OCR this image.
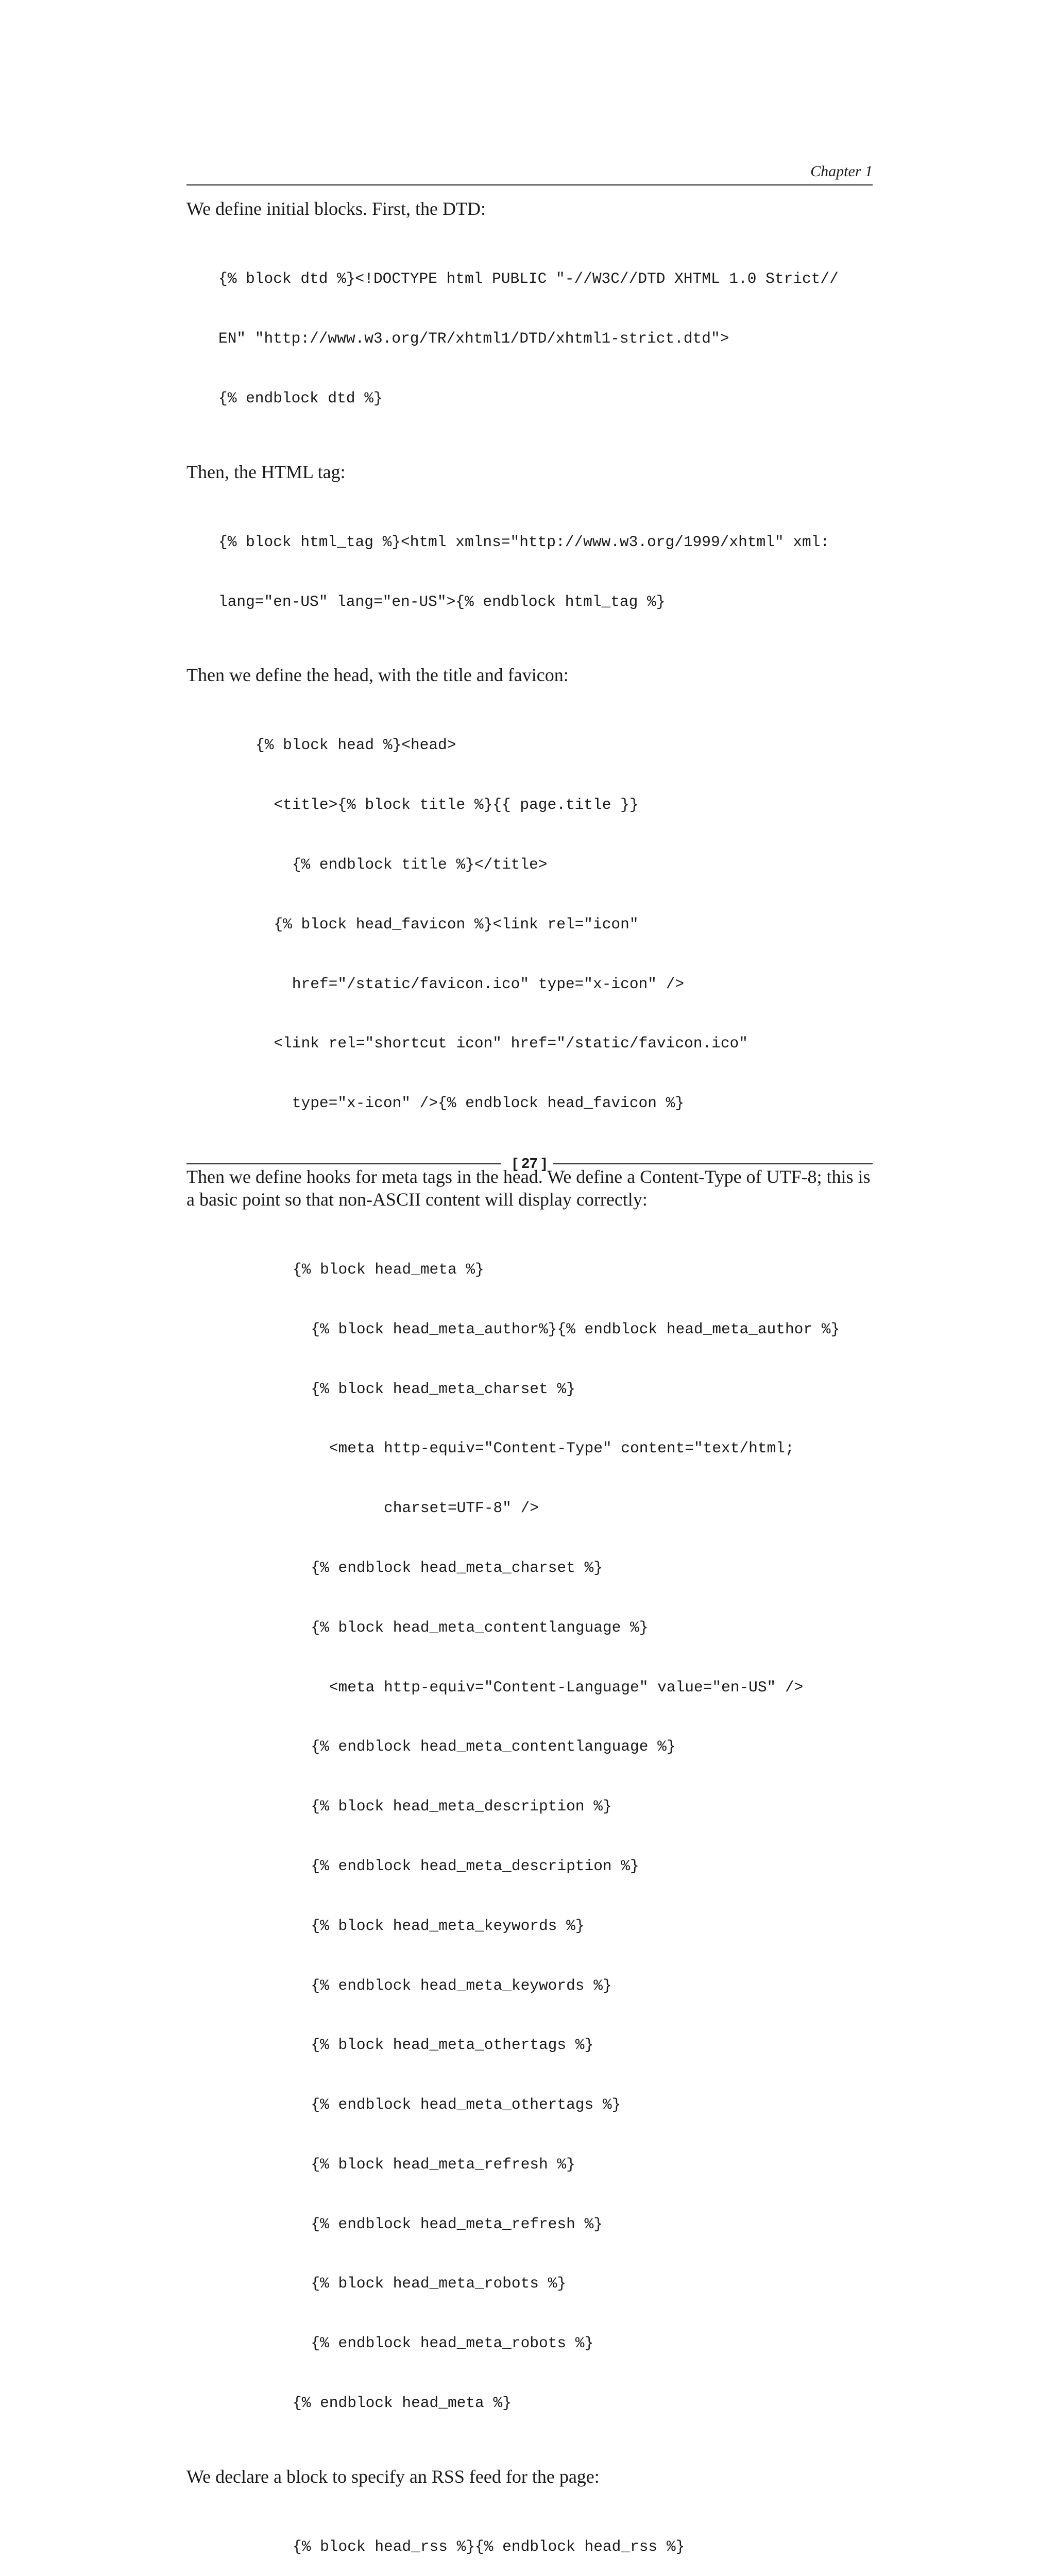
Chapter 1

We define initial blocks. First, the DTD:

{% block dtd %}<!DOCTYPE html PUBLIC "-//W3C//DTD XHTML 1.0 Strict//

EN" "http://www.w3.org/TR/xhtml1/DTD/xhtml1-strict.dtd">

{% endblock dtd %}

Then, the HTML tag:

{% block html_tag %}<html xmlns="http://www.w3.org/1999/xhtml" xml:

lang="en-US" lang="en-US">{% endblock html_tag %}

Then we define the head, with the title and favicon:

{% block head %}<head>

<title>{% block title %}{{ page.title }}

{% endblock title %}</title>

{% block head_favicon %}<link rel="icon"

href="/static/favicon.ico" type="x-icon" />

<link rel="shortcut icon" href="/static/favicon.ico"

type="x-icon" />{% endblock head_favicon %}

Then we define hooks for meta tags in the head. We define a Content-Type of UTF-8; this is a basic point so that non-ASCII content will display correctly:

{% block head_meta %}

{% block head_meta_author%}{% endblock head_meta_author %}

{% block head_meta_charset %}

<meta http-equiv="Content-Type" content="text/html;

charset=UTF-8" />

{% endblock head_meta_charset %}

{% block head_meta_contentlanguage %}

<meta http-equiv="Content-Language" value="en-US" />

{% endblock head_meta_contentlanguage %}

{% block head_meta_description %}

{% endblock head_meta_description %}

{% block head_meta_keywords %}

{% endblock head_meta_keywords %}

{% block head_meta_othertags %}

{% endblock head_meta_othertags %}

{% block head_meta_refresh %}

{% endblock head_meta_refresh %}

{% block head_meta_robots %}

{% endblock head_meta_robots %}

{% endblock head_meta %}

We declare a block to specify an RSS feed for the page:

{% block head_rss %}{% endblock head_rss %}

[ 27 ]
